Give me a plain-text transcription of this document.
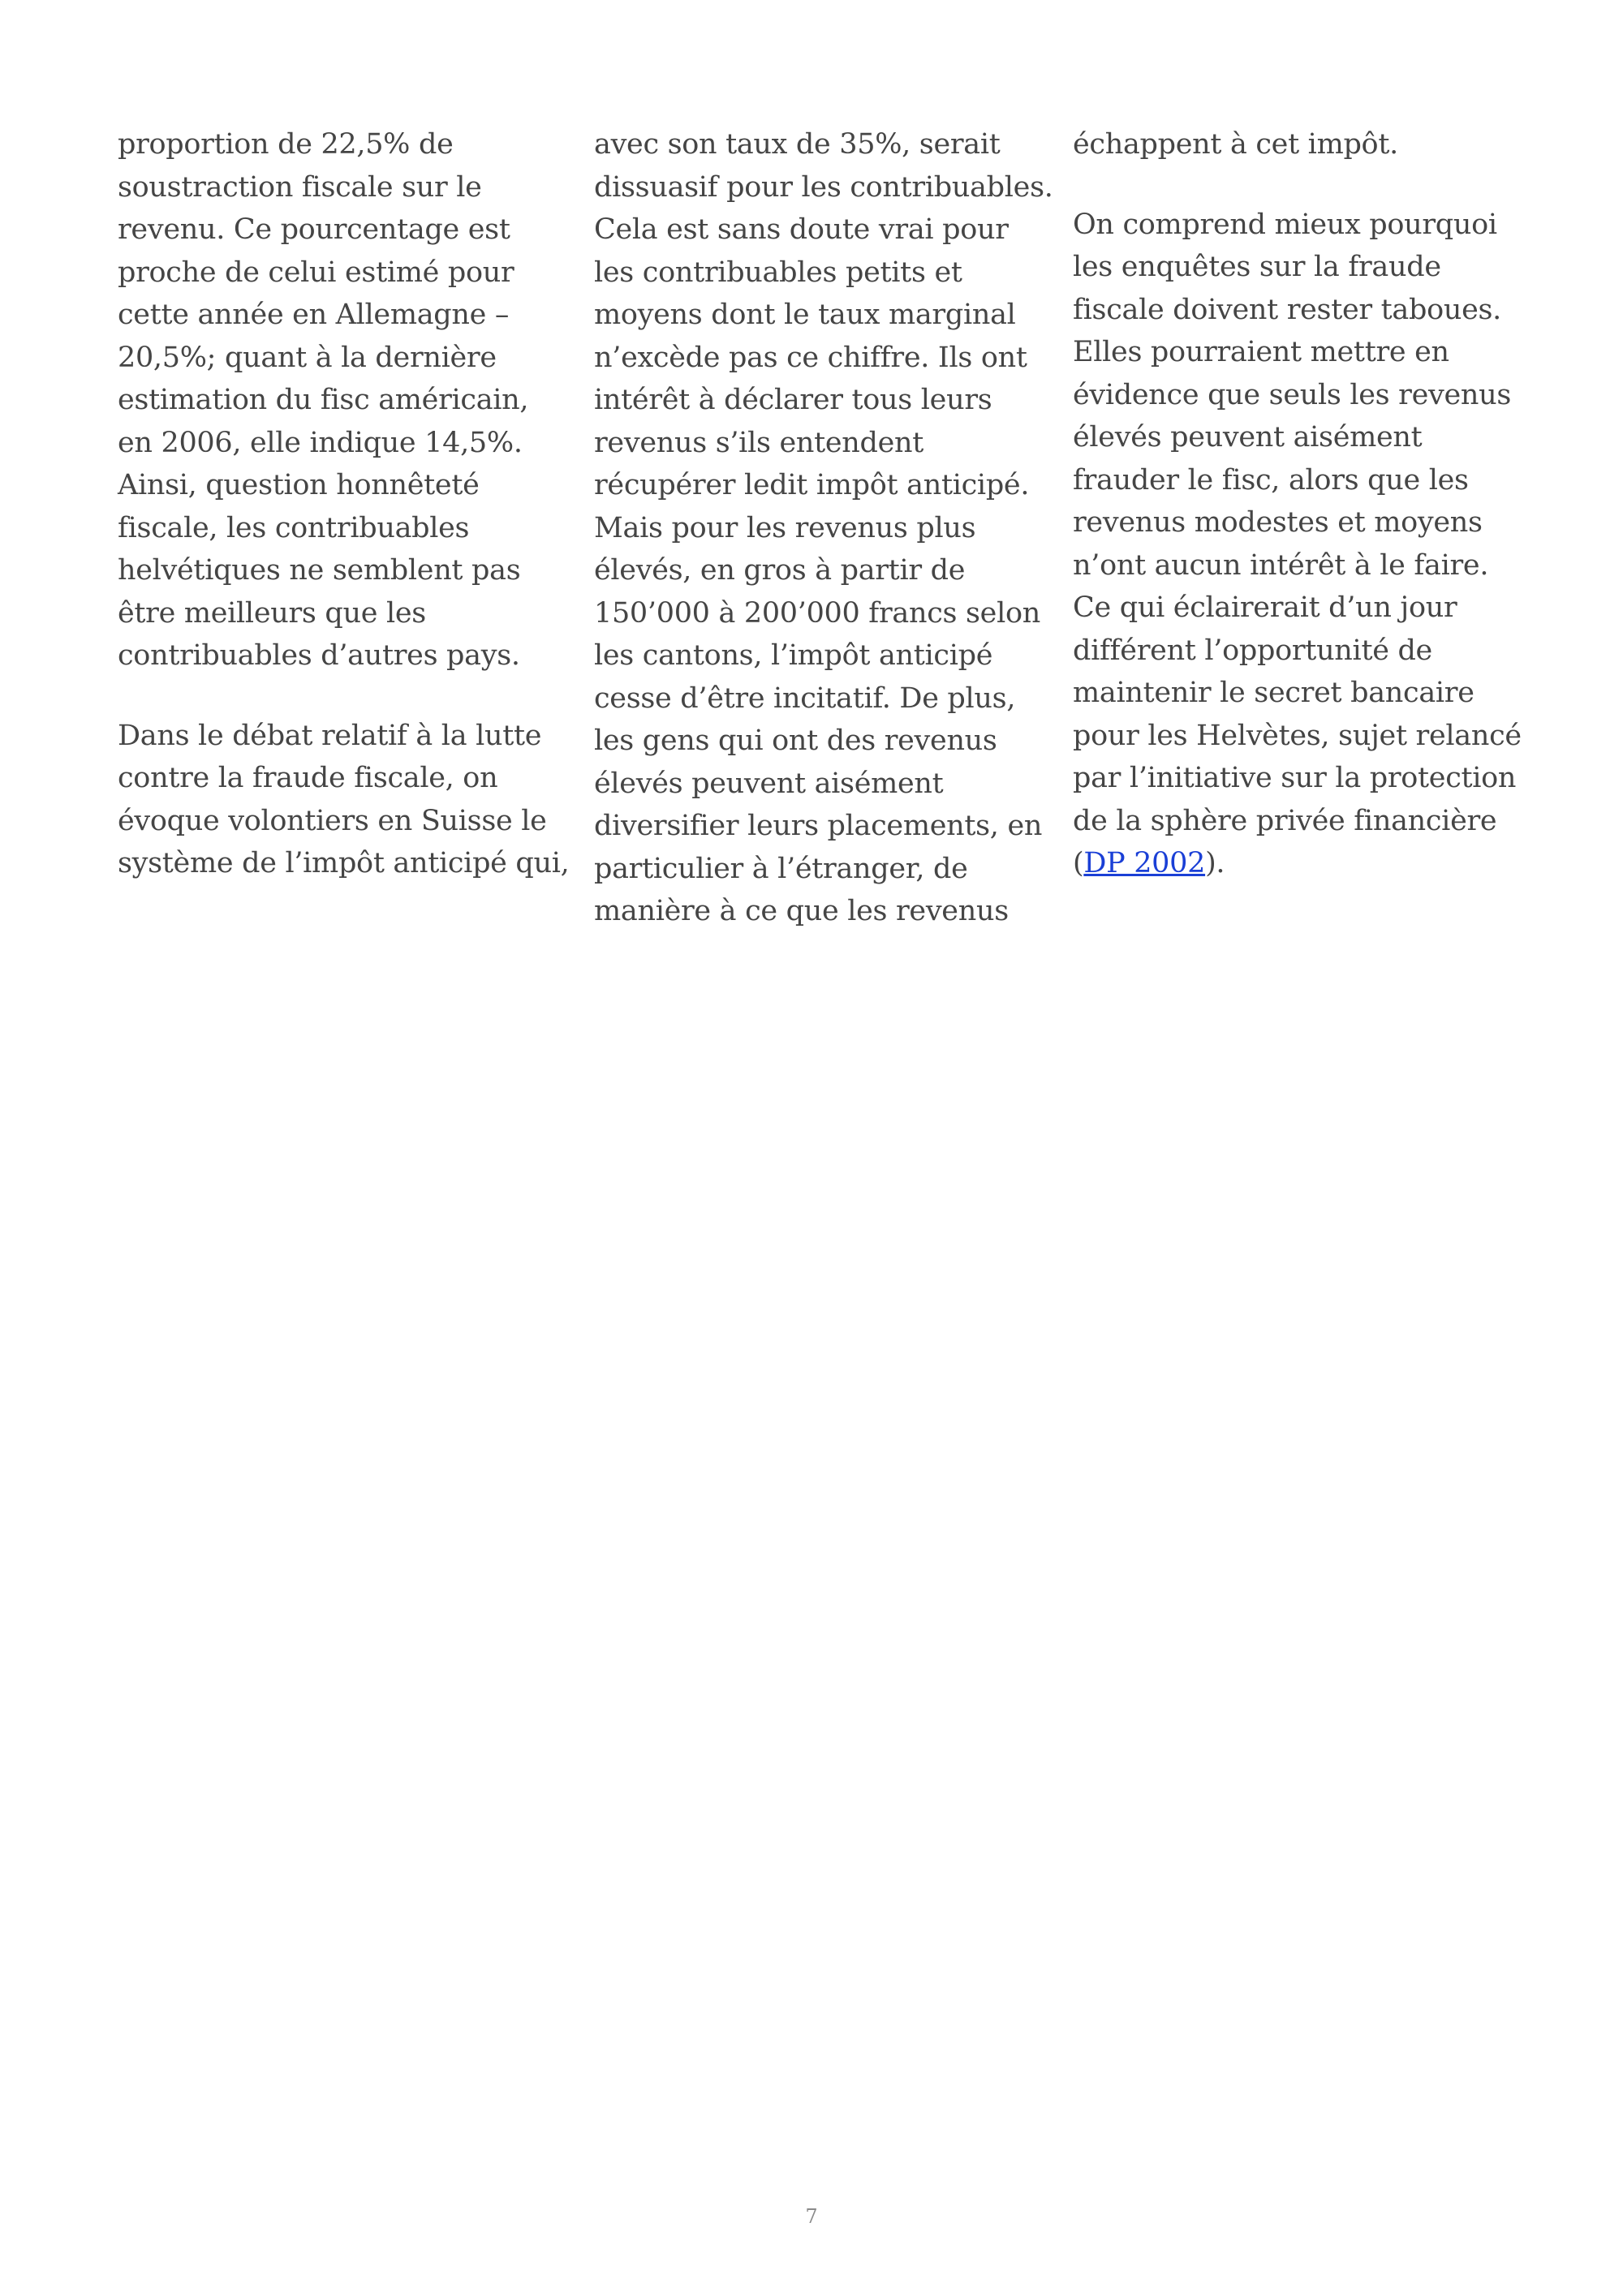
proportion de 22,5% de
soustraction fiscale sur le
revenu. Ce pourcentage est
proche de celui estimé pour
cette année en Allemagne –
20,5%; quant à la dernière
estimation du fisc américain,
en 2006, elle indique 14,5%.
Ainsi, question honnêteté
fiscale, les contribuables
helvétiques ne semblent pas
être meilleurs que les
contribuables d’autres pays.
Dans le débat relatif à la lutte
contre la fraude fiscale, on
évoque volontiers en Suisse le
système de l’impôt anticipé qui,
avec son taux de 35%, serait
dissuasif pour les contribuables.
Cela est sans doute vrai pour
les contribuables petits et
moyens dont le taux marginal
n’excède pas ce chiffre. Ils ont
intérêt à déclarer tous leurs
revenus s’ils entendent
récupérer ledit impôt anticipé.
Mais pour les revenus plus
élevés, en gros à partir de
150’000 à 200’000 francs selon
les cantons, l’impôt anticipé
cesse d’être incitatif. De plus,
les gens qui ont des revenus
élevés peuvent aisément
diversifier leurs placements, en
particulier à l’étranger, de
manière à ce que les revenus
échappent à cet impôt.
On comprend mieux pourquoi
les enquêtes sur la fraude
fiscale doivent rester taboues.
Elles pourraient mettre en
évidence que seuls les revenus
élevés peuvent aisément
frauder le fisc, alors que les
revenus modestes et moyens
n’ont aucun intérêt à le faire.
Ce qui éclairerait d’un jour
différent l’opportunité de
maintenir le secret bancaire
pour les Helvètes, sujet relancé
par l’initiative sur la protection
de la sphère privée financière
(DP 2002).
7
